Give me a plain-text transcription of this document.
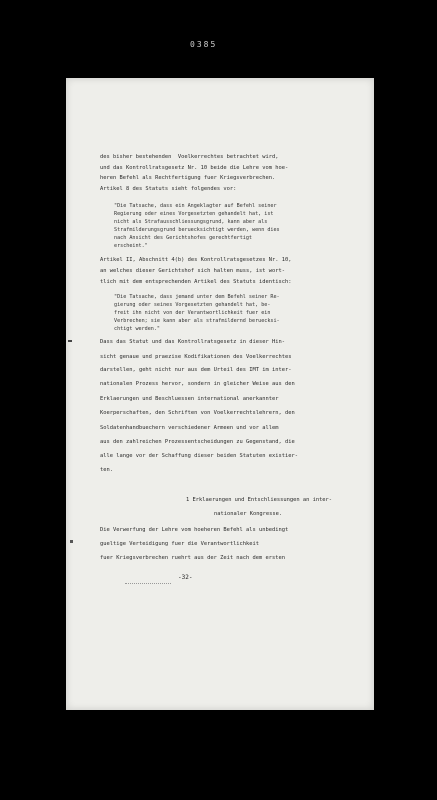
0385
des bisher bestehenden  Voelkerrechtes betrachtet wird,
und das Kontrollratsgesetz Nr. 10 beide die Lehre vom hoe-
heren Befehl als Rechtfertigung fuer Kriegsverbrechen.
Artikel 8 des Statuts sieht folgendes vor:
"Die Tatsache, dass ein Angeklagter auf Befehl seiner
Regierung oder eines Vorgesetzten gehandelt hat, ist
nicht als Strafausschliessungsgrund, kann aber als
Strafmilderungsgrund beruecksichtigt werden, wenn dies
nach Ansicht des Gerichtshofes gerechtfertigt
erscheint."
Artikel II, Abschnitt 4(b) des Kontrollratsgesetzes Nr. 10,
an welches dieser Gerichtshof sich halten muss, ist wort-
tlich mit dem entsprechenden Artikel des Statuts identisch:
"Die Tatsache, dass jemand unter dem Befehl seiner Re-
gierung oder seines Vorgesetzten gehandelt hat, be-
freit ihn nicht von der Verantwortlichkeit fuer ein
Verbrechen; sie kann aber als strafmildernd beruecksi-
chtigt werden."
Dass das Statut und das Kontrollratsgesetz in dieser Hin-
sicht genaue und praezise Kodifikationen des Voelkerrechtes
darstellen, geht nicht nur aus dem Urteil des IMT im inter-
nationalen Prozess hervor, sondern in gleicher Weise aus den
Erklaerungen und Beschluessen international anerkannter
Koerperschaften, den Schriften von Voelkerrechtslehrern, den
Soldatenhandbuechern verschiedener Armeen und vor allem
aus den zahlreichen Prozessentscheidungen zu Gegenstand, die
alle lange vor der Schaffung dieser beiden Statuten existier-
ten.
1 Erklaerungen und Entschliessungen an inter-
nationaler Kongresse.
Die Verwerfung der Lehre vom hoeheren Befehl als unbedingt
gueltige Verteidigung fuer die Verantwortlichkeit
fuer Kriegsverbrechen ruehrt aus der Zeit nach dem ersten
-32-
